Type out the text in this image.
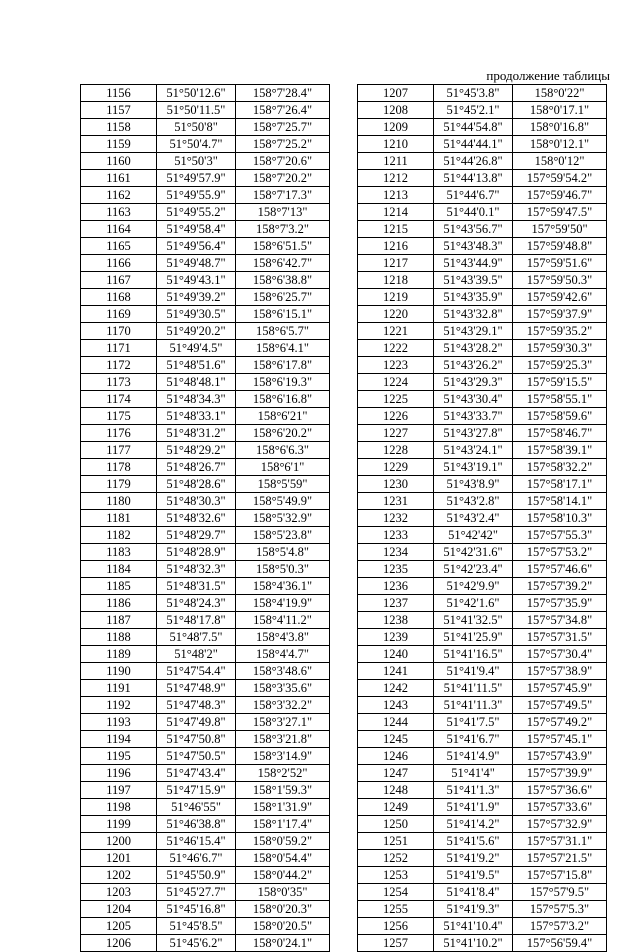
продолжение таблицы
1156	51°50'12.6"	158°7'28.4"
1157	51°50'11.5"	158°7'26.4"
1158	51°50'8"	158°7'25.7"
1159	51°50'4.7"	158°7'25.2"
1160	51°50'3"	158°7'20.6"
1161	51°49'57.9"	158°7'20.2"
1162	51°49'55.9"	158°7'17.3"
1163	51°49'55.2"	158°7'13"
1164	51°49'58.4"	158°7'3.2"
1165	51°49'56.4"	158°6'51.5"
1166	51°49'48.7"	158°6'42.7"
1167	51°49'43.1"	158°6'38.8"
1168	51°49'39.2"	158°6'25.7"
1169	51°49'30.5"	158°6'15.1"
1170	51°49'20.2"	158°6'5.7"
1171	51°49'4.5"	158°6'4.1"
1172	51°48'51.6"	158°6'17.8"
1173	51°48'48.1"	158°6'19.3"
1174	51°48'34.3"	158°6'16.8"
1175	51°48'33.1"	158°6'21"
1176	51°48'31.2"	158°6'20.2"
1177	51°48'29.2"	158°6'6.3"
1178	51°48'26.7"	158°6'1"
1179	51°48'28.6"	158°5'59"
1180	51°48'30.3"	158°5'49.9"
1181	51°48'32.6"	158°5'32.9"
1182	51°48'29.7"	158°5'23.8"
1183	51°48'28.9"	158°5'4.8"
1184	51°48'32.3"	158°5'0.3"
1185	51°48'31.5"	158°4'36.1"
1186	51°48'24.3"	158°4'19.9"
1187	51°48'17.8"	158°4'11.2"
1188	51°48'7.5"	158°4'3.8"
1189	51°48'2"	158°4'4.7"
1190	51°47'54.4"	158°3'48.6"
1191	51°47'48.9"	158°3'35.6"
1192	51°47'48.3"	158°3'32.2"
1193	51°47'49.8"	158°3'27.1"
1194	51°47'50.8"	158°3'21.8"
1195	51°47'50.5"	158°3'14.9"
1196	51°47'43.4"	158°2'52"
1197	51°47'15.9"	158°1'59.3"
1198	51°46'55"	158°1'31.9"
1199	51°46'38.8"	158°1'17.4"
1200	51°46'15.4"	158°0'59.2"
1201	51°46'6.7"	158°0'54.4"
1202	51°45'50.9"	158°0'44.2"
1203	51°45'27.7"	158°0'35"
1204	51°45'16.8"	158°0'20.3"
1205	51°45'8.5"	158°0'20.5"
1206	51°45'6.2"	158°0'24.1"
1207	51°45'3.8"	158°0'22"
1208	51°45'2.1"	158°0'17.1"
1209	51°44'54.8"	158°0'16.8"
1210	51°44'44.1"	158°0'12.1"
1211	51°44'26.8"	158°0'12"
1212	51°44'13.8"	157°59'54.2"
1213	51°44'6.7"	157°59'46.7"
1214	51°44'0.1"	157°59'47.5"
1215	51°43'56.7"	157°59'50"
1216	51°43'48.3"	157°59'48.8"
1217	51°43'44.9"	157°59'51.6"
1218	51°43'39.5"	157°59'50.3"
1219	51°43'35.9"	157°59'42.6"
1220	51°43'32.8"	157°59'37.9"
1221	51°43'29.1"	157°59'35.2"
1222	51°43'28.2"	157°59'30.3"
1223	51°43'26.2"	157°59'25.3"
1224	51°43'29.3"	157°59'15.5"
1225	51°43'30.4"	157°58'55.1"
1226	51°43'33.7"	157°58'59.6"
1227	51°43'27.8"	157°58'46.7"
1228	51°43'24.1"	157°58'39.1"
1229	51°43'19.1"	157°58'32.2"
1230	51°43'8.9"	157°58'17.1"
1231	51°43'2.8"	157°58'14.1"
1232	51°43'2.4"	157°58'10.3"
1233	51°42'42"	157°57'55.3"
1234	51°42'31.6"	157°57'53.2"
1235	51°42'23.4"	157°57'46.6"
1236	51°42'9.9"	157°57'39.2"
1237	51°42'1.6"	157°57'35.9"
1238	51°41'32.5"	157°57'34.8"
1239	51°41'25.9"	157°57'31.5"
1240	51°41'16.5"	157°57'30.4"
1241	51°41'9.4"	157°57'38.9"
1242	51°41'11.5"	157°57'45.9"
1243	51°41'11.3"	157°57'49.5"
1244	51°41'7.5"	157°57'49.2"
1245	51°41'6.7"	157°57'45.1"
1246	51°41'4.9"	157°57'43.9"
1247	51°41'4"	157°57'39.9"
1248	51°41'1.3"	157°57'36.6"
1249	51°41'1.9"	157°57'33.6"
1250	51°41'4.2"	157°57'32.9"
1251	51°41'5.6"	157°57'31.1"
1252	51°41'9.2"	157°57'21.5"
1253	51°41'9.5"	157°57'15.8"
1254	51°41'8.4"	157°57'9.5"
1255	51°41'9.3"	157°57'5.3"
1256	51°41'10.4"	157°57'3.2"
1257	51°41'10.2"	157°56'59.4"
